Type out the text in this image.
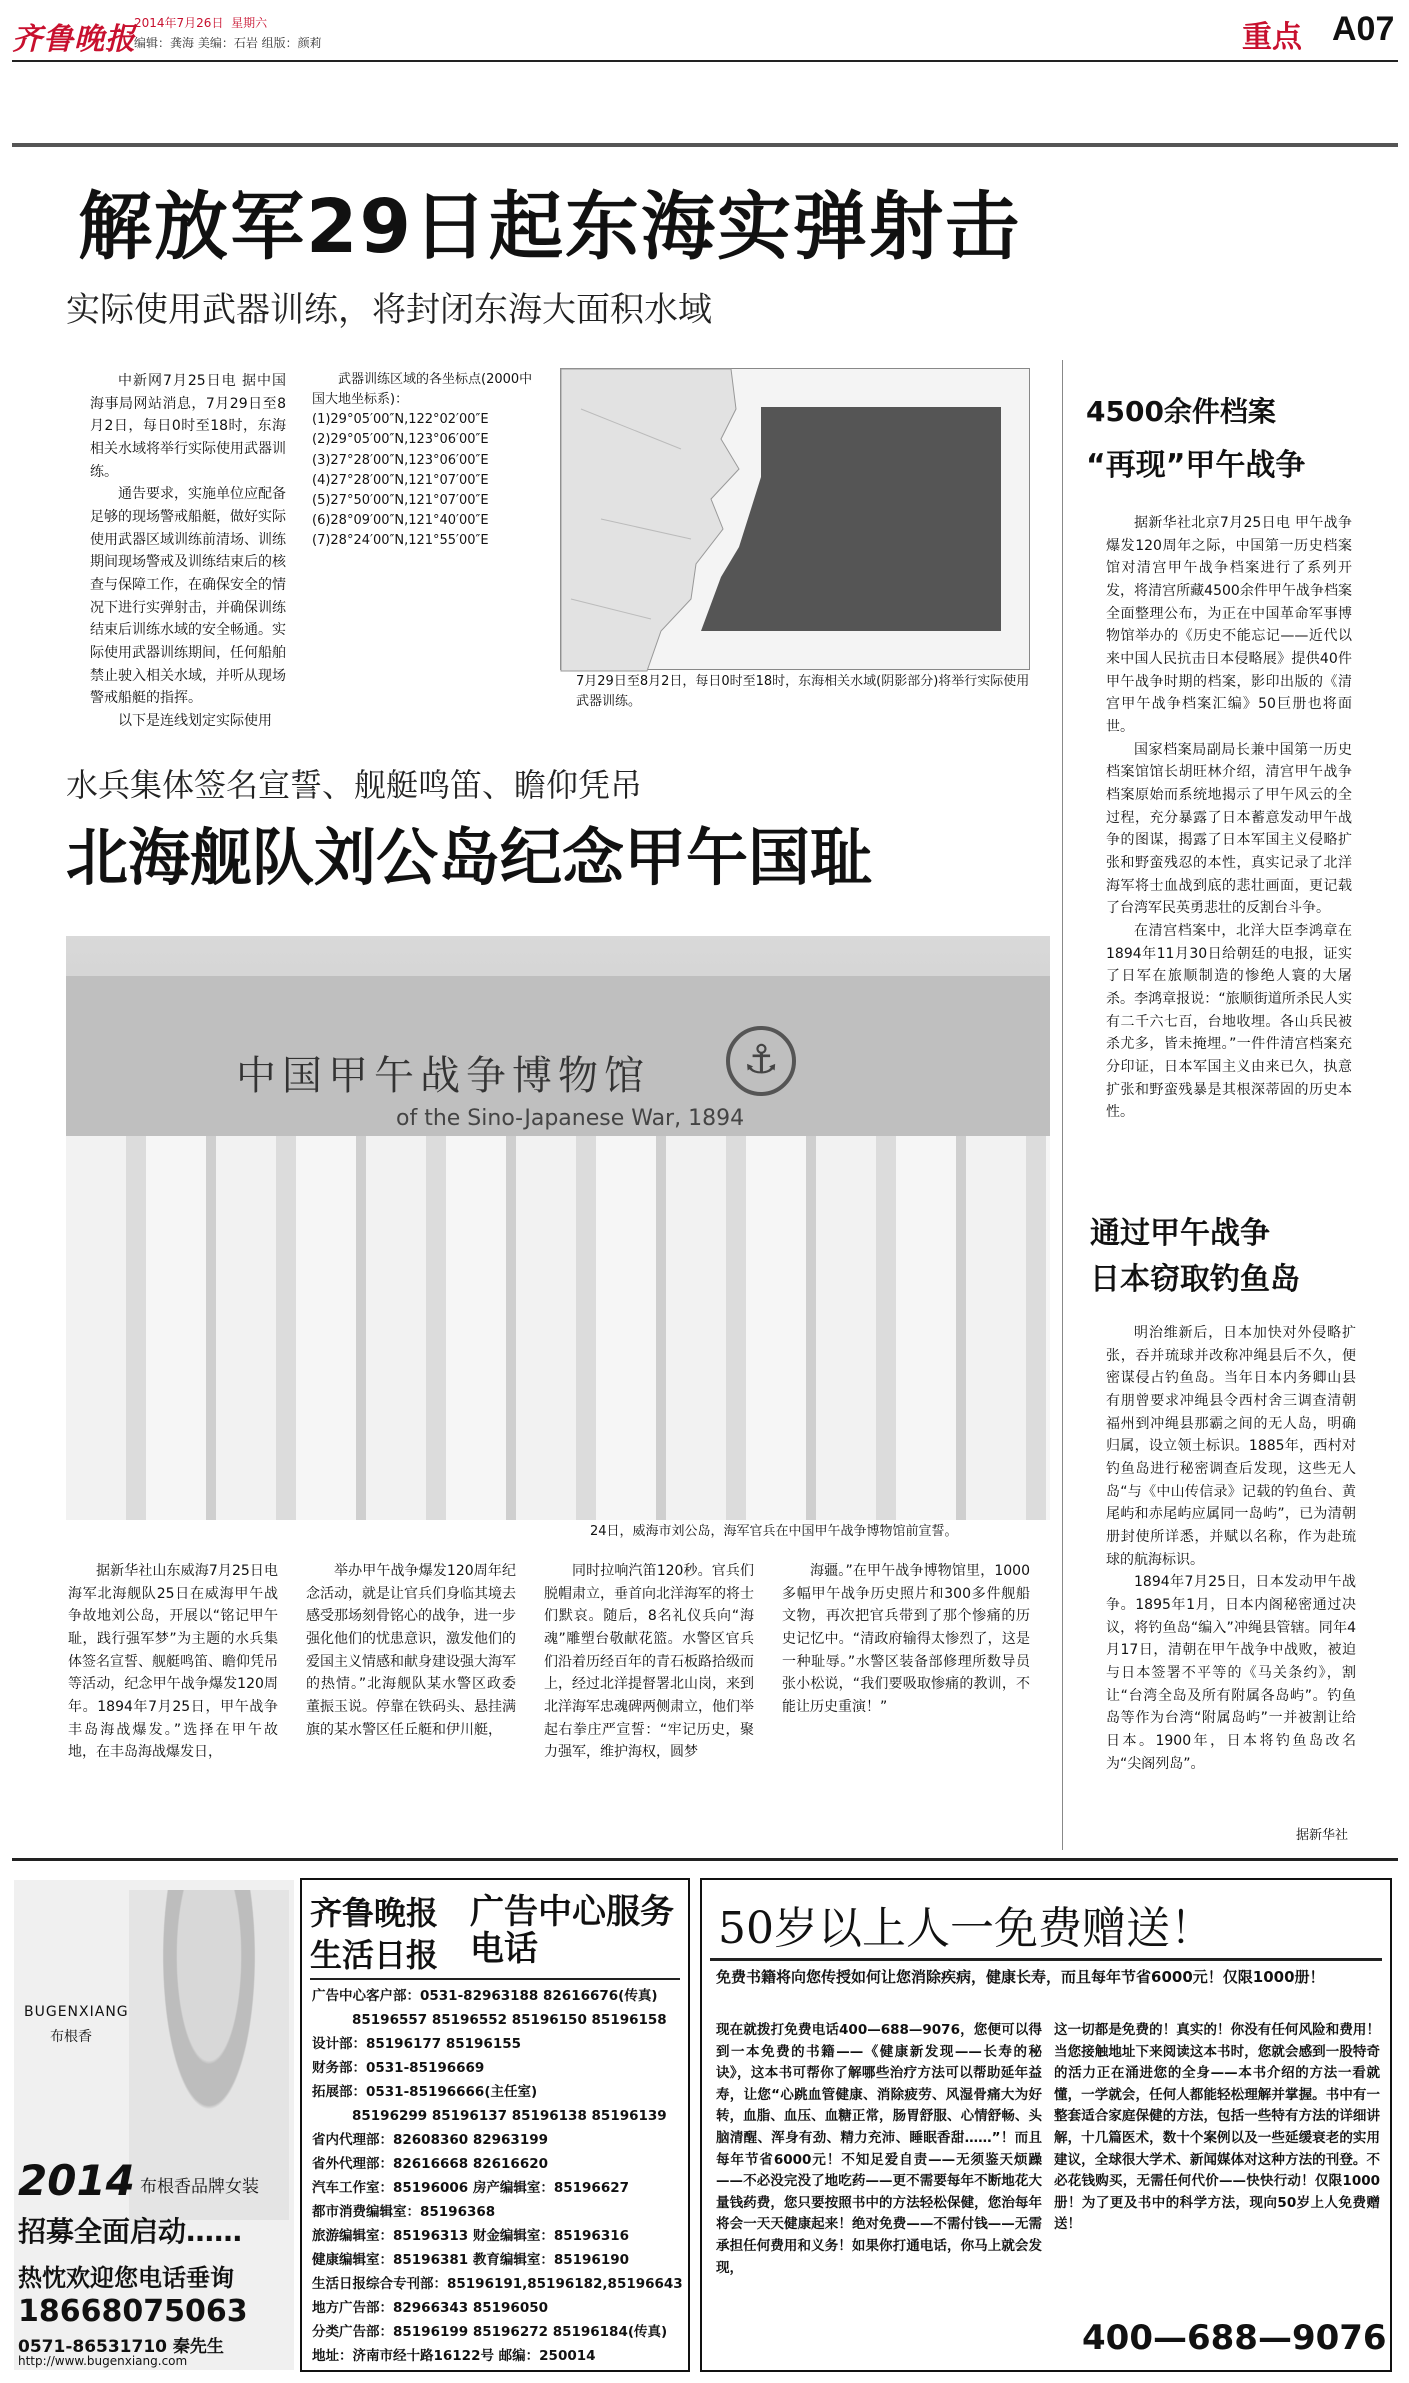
齐鲁晚报
2014年7月26日 星期六
编辑：龚海 美编：石岩 组版：颜莉	重点 A07
解放军29日起东海实弹射击
实际使用武器训练，将封闭东海大面积水域

中新网7月25日电 据中国海事局网站消息，7月29日至8月2日，每日0时至18时，东海相关水域将举行实际使用武器训练。

通告要求，实施单位应配备足够的现场警戒船艇，做好实际使用武器区域训练前清场、训练期间现场警戒及训练结束后的核查与保障工作，在确保安全的情况下进行实弹射击，并确保训练结束后训练水域的安全畅通。实际使用武器训练期间，任何船舶禁止驶入相关水域，并听从现场警戒船艇的指挥。

以下是连线划定实际使用

武器训练区域的各坐标点(2000中国大地坐标系)：
(1)29°05′00″N,122°02′00″E
(2)29°05′00″N,123°06′00″E
(3)27°28′00″N,123°06′00″E
(4)27°28′00″N,121°07′00″E
(5)27°50′00″N,121°07′00″E
(6)28°09′00″N,121°40′00″E
(7)28°24′00″N,121°55′00″E
7月29日至8月2日，每日0时至18时，东海相关水域(阴影部分)将举行实际使用武器训练。
水兵集体签名宣誓、舰艇鸣笛、瞻仰凭吊
北海舰队刘公岛纪念甲午国耻
中国甲午战争博物馆
of the Sino-Japanese War, 1894
⚓
24日，威海市刘公岛，海军官兵在中国甲午战争博物馆前宣誓。

据新华社山东威海7月25日电 海军北海舰队25日在威海甲午战争故地刘公岛，开展以“铭记甲午耻，践行强军梦”为主题的水兵集体签名宣誓、舰艇鸣笛、瞻仰凭吊等活动，纪念甲午战争爆发120周年。1894年7月25日，甲午战争丰岛海战爆发。”选择在甲午故地，在丰岛海战爆发日，

举办甲午战争爆发120周年纪念活动，就是让官兵们身临其境去感受那场刻骨铭心的战争，进一步强化他们的忧患意识，激发他们的爱国主义情感和献身建设强大海军的热情。”北海舰队某水警区政委董振玉说。停靠在铁码头、悬挂满旗的某水警区任丘艇和伊川艇，

同时拉响汽笛120秒。官兵们脱帽肃立，垂首向北洋海军的将士们默哀。随后，8名礼仪兵向“海魂”雕塑台敬献花篮。水警区官兵们沿着历经百年的青石板路拾级而上，经过北洋提督署北山岗，来到北洋海军忠魂碑两侧肃立，他们举起右拳庄严宣誓：“牢记历史，聚力强军，维护海权，圆梦

海疆。”在甲午战争博物馆里，1000多幅甲午战争历史照片和300多件舰船文物，再次把官兵带到了那个惨痛的历史记忆中。“清政府输得太惨烈了，这是一种耻辱。”水警区装备部修理所数导员张小松说，“我们要吸取惨痛的教训，不能让历史重演！”

4500余件档案
“再现”甲午战争

据新华社北京7月25日电 甲午战争爆发120周年之际，中国第一历史档案馆对清宫甲午战争档案进行了系列开发，将清宫所藏4500余件甲午战争档案全面整理公布，为正在中国革命军事博物馆举办的《历史不能忘记——近代以来中国人民抗击日本侵略展》提供40件甲午战争时期的档案，影印出版的《清宫甲午战争档案汇编》50巨册也将面世。

国家档案局副局长兼中国第一历史档案馆馆长胡旺林介绍，清宫甲午战争档案原始而系统地揭示了甲午风云的全过程，充分暴露了日本蓄意发动甲午战争的图谋，揭露了日本军国主义侵略扩张和野蛮残忍的本性，真实记录了北洋海军将士血战到底的悲壮画面，更记载了台湾军民英勇悲壮的反割台斗争。

在清宫档案中，北洋大臣李鸿章在1894年11月30日给朝廷的电报，证实了日军在旅顺制造的惨绝人寰的大屠杀。李鸿章报说：“旅顺街道所杀民人实有二千六七百，台地收埋。各山兵民被杀尤多，皆未掩埋。”一件件清宫档案充分印证，日本军国主义由来已久，执意扩张和野蛮残暴是其根深蒂固的历史本性。

通过甲午战争
日本窃取钓鱼岛

明治维新后，日本加快对外侵略扩张，吞并琉球并改称冲绳县后不久，便密谋侵占钓鱼岛。当年日本内务卿山县有朋曾要求冲绳县令西村舍三调查清朝福州到冲绳县那霸之间的无人岛，明确归属，设立领土标识。1885年，西村对钓鱼岛进行秘密调查后发现，这些无人岛“与《中山传信录》记载的钓鱼台、黄尾屿和赤尾屿应属同一岛屿”，已为清朝册封使所详悉，并赋以名称，作为赴琉球的航海标识。

1894年7月25日，日本发动甲午战争。1895年1月，日本内阁秘密通过决议，将钓鱼岛“编入”冲绳县管辖。同年4月17日，清朝在甲午战争中战败，被迫与日本签署不平等的《马关条约》，割让“台湾全岛及所有附属各岛屿”。钓鱼岛等作为台湾“附属岛屿”一并被割让给日本。1900年，日本将钓鱼岛改名为“尖阁列岛”。

据新华社
BUGENXIANG
布根香
2014 布根香品牌女装
招募全面启动……
热忱欢迎您电话垂询
18668075063
0571-86531710 秦先生
http://www.bugenxiang.com
齐鲁晚报
生活日报
广告中心服务电话
广告中心客户部：0531-82963188 82616676(传真)
85196557 85196552 85196150 85196158
设计部：85196177 85196155
财务部：0531-85196669
拓展部：0531-85196666(主任室)
85196299 85196137 85196138 85196139
省内代理部：82608360 82963199
省外代理部：82616668 82616620
汽车工作室：85196006 房产编辑室：85196627
都市消费编辑室：85196368
旅游编辑室：85196313 财金编辑室：85196316
健康编辑室：85196381 教育编辑室：85196190
生活日报综合专刊部：85196191,85196182,85196643
地方广告部：82966343 85196050
分类广告部：85196199 85196272 85196184(传真)
地址：济南市经十路16122号 邮编：250014
50岁以上人一免费赠送！
免费书籍将向您传授如何让您消除疾病，健康长寿，而且每年节省6000元！仅限1000册！
现在就拨打免费电话400—688—9076，您便可以得到一本免费的书籍——《健康新发现——长寿的秘诀》，这本书可帮你了解哪些治疗方法可以帮助延年益寿，让您“心跳血管健康、消除疲劳、风湿骨痛大为好转，血脂、血压、血糖正常，肠胃舒服、心情舒畅、头脑清醒、浑身有劲、精力充沛、睡眠香甜……”！而且每年节省6000元！不知足爱自责——无须鉴天烦躁——不必没完没了地吃药——更不需要每年不断地花大量钱药费，您只要按照书中的方法轻松保健，您治每年将会一天天健康起来！绝对免费——不需付钱——无需承担任何费用和义务！如果你打通电话，你马上就会发现，
这一切都是免费的！真实的！你没有任何风险和费用！当您接触地址下来阅读这本书时，您就会感到一股特奇的活力正在涌进您的全身——本书介绍的方法一看就懂，一学就会，任何人都能轻松理解并掌握。书中有一整套适合家庭保健的方法，包括一些特有方法的详细讲解，十几篇医术，数十个案例以及一些延缓衰老的实用建议，全球很大学术、新闻媒体对这种方法的刊登。不必花钱购买，无需任何代价——快快行动！仅限1000册！为了更及书中的科学方法，现向50岁上人免费赠送！
400—688—9076
